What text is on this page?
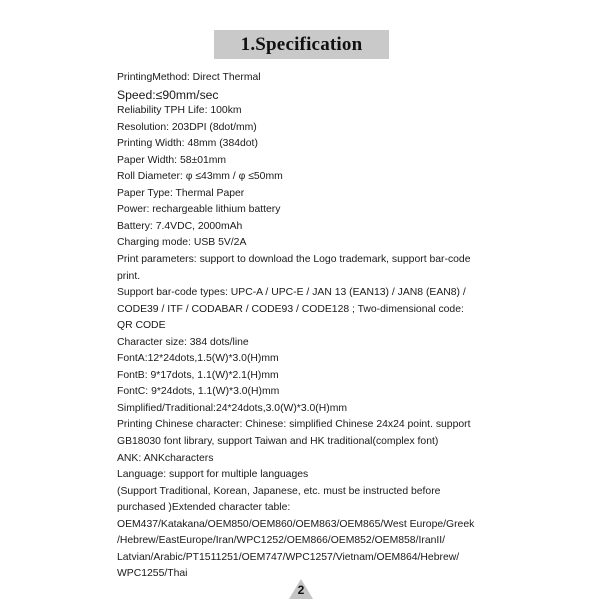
1.Specification
PrintingMethod: Direct Thermal
Speed:≤90mm/sec
Reliability TPH Life: 100km
Resolution: 203DPI (8dot/mm)
Printing Width: 48mm (384dot)
Paper Width: 58±01mm
Roll Diameter: φ ≤43mm / φ ≤50mm
Paper Type: Thermal Paper
Power: rechargeable lithium battery
Battery: 7.4VDC, 2000mAh
Charging mode: USB 5V/2A
Print parameters: support to download the Logo trademark, support bar-code
print.
Support bar-code types: UPC-A / UPC-E / JAN 13 (EAN13) / JAN8 (EAN8) /
CODE39 / ITF / CODABAR / CODE93 / CODE128 ; Two-dimensional code:
QR CODE
Character size: 384 dots/line
FontA:12*24dots,1.5(W)*3.0(H)mm
FontB: 9*17dots, 1.1(W)*2.1(H)mm
FontC: 9*24dots, 1.1(W)*3.0(H)mm
Simplified/Traditional:24*24dots,3.0(W)*3.0(H)mm
Printing Chinese character: Chinese: simplified Chinese 24x24 point. support
GB18030 font library, support Taiwan and HK traditional(complex font)
ANK: ANKcharacters
Language: support for multiple languages
(Support Traditional, Korean, Japanese, etc. must be instructed before
purchased )Extended character table:
OEM437/Katakana/OEM850/OEM860/OEM863/OEM865/West Europe/Greek
/Hebrew/EastEurope/Iran/WPC1252/OEM866/OEM852/OEM858/IranII/
Latvian/Arabic/PT1511251/OEM747/WPC1257/Vietnam/OEM864/Hebrew/
WPC1255/Thai
2
